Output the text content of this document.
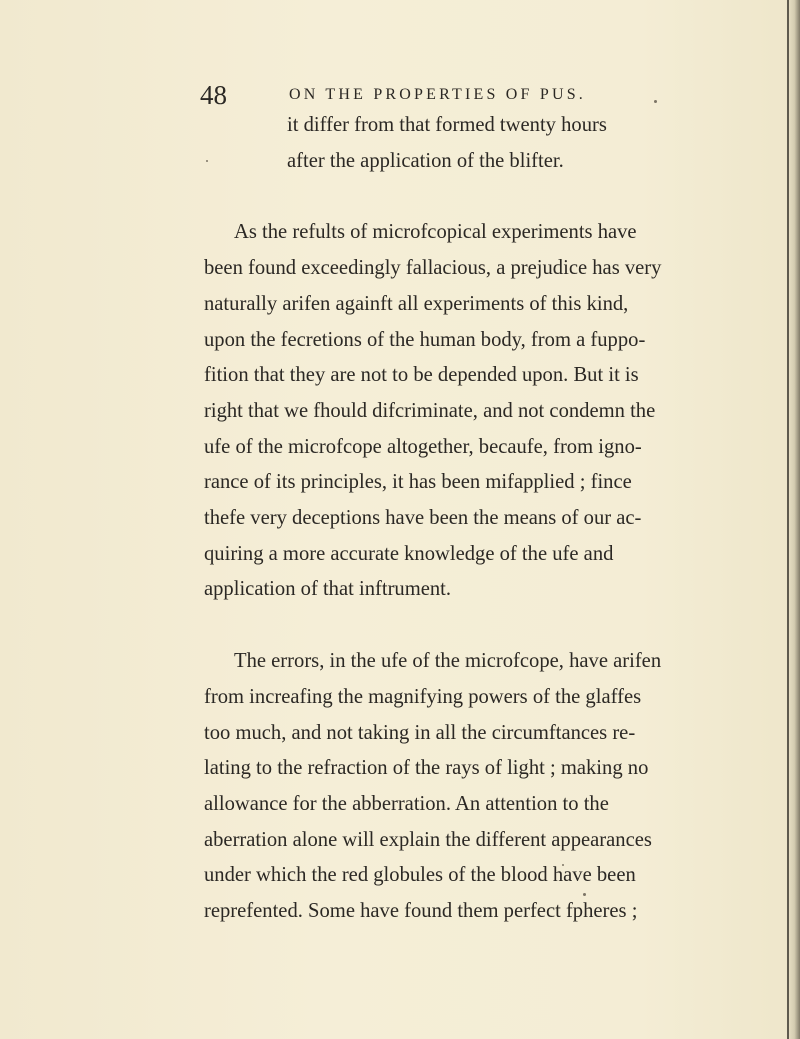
48	ON THE PROPERTIES OF PUS.

it differ from that formed twenty hours
after the application of the blifter.

As the refults of microfcopical experiments have
been found exceedingly fallacious, a prejudice has very
naturally arifen againft all experiments of this kind,
upon the fecretions of the human body, from a fuppo-
fition that they are not to be depended upon. But it is
right that we fhould difcriminate, and not condemn the
ufe of the microfcope altogether, becaufe, from igno-
rance of its principles, it has been mifapplied ; fince
thefe very deceptions have been the means of our ac-
quiring a more accurate knowledge of the ufe and
application of that inftrument.

The errors, in the ufe of the microfcope, have arifen
from increafing the magnifying powers of the glaffes
too much, and not taking in all the circumftances re-
lating to the refraction of the rays of light ; making no
allowance for the abberration. An attention to the
aberration alone will explain the different appearances
under which the red globules of the blood have been
reprefented. Some have found them perfect fpheres ;
